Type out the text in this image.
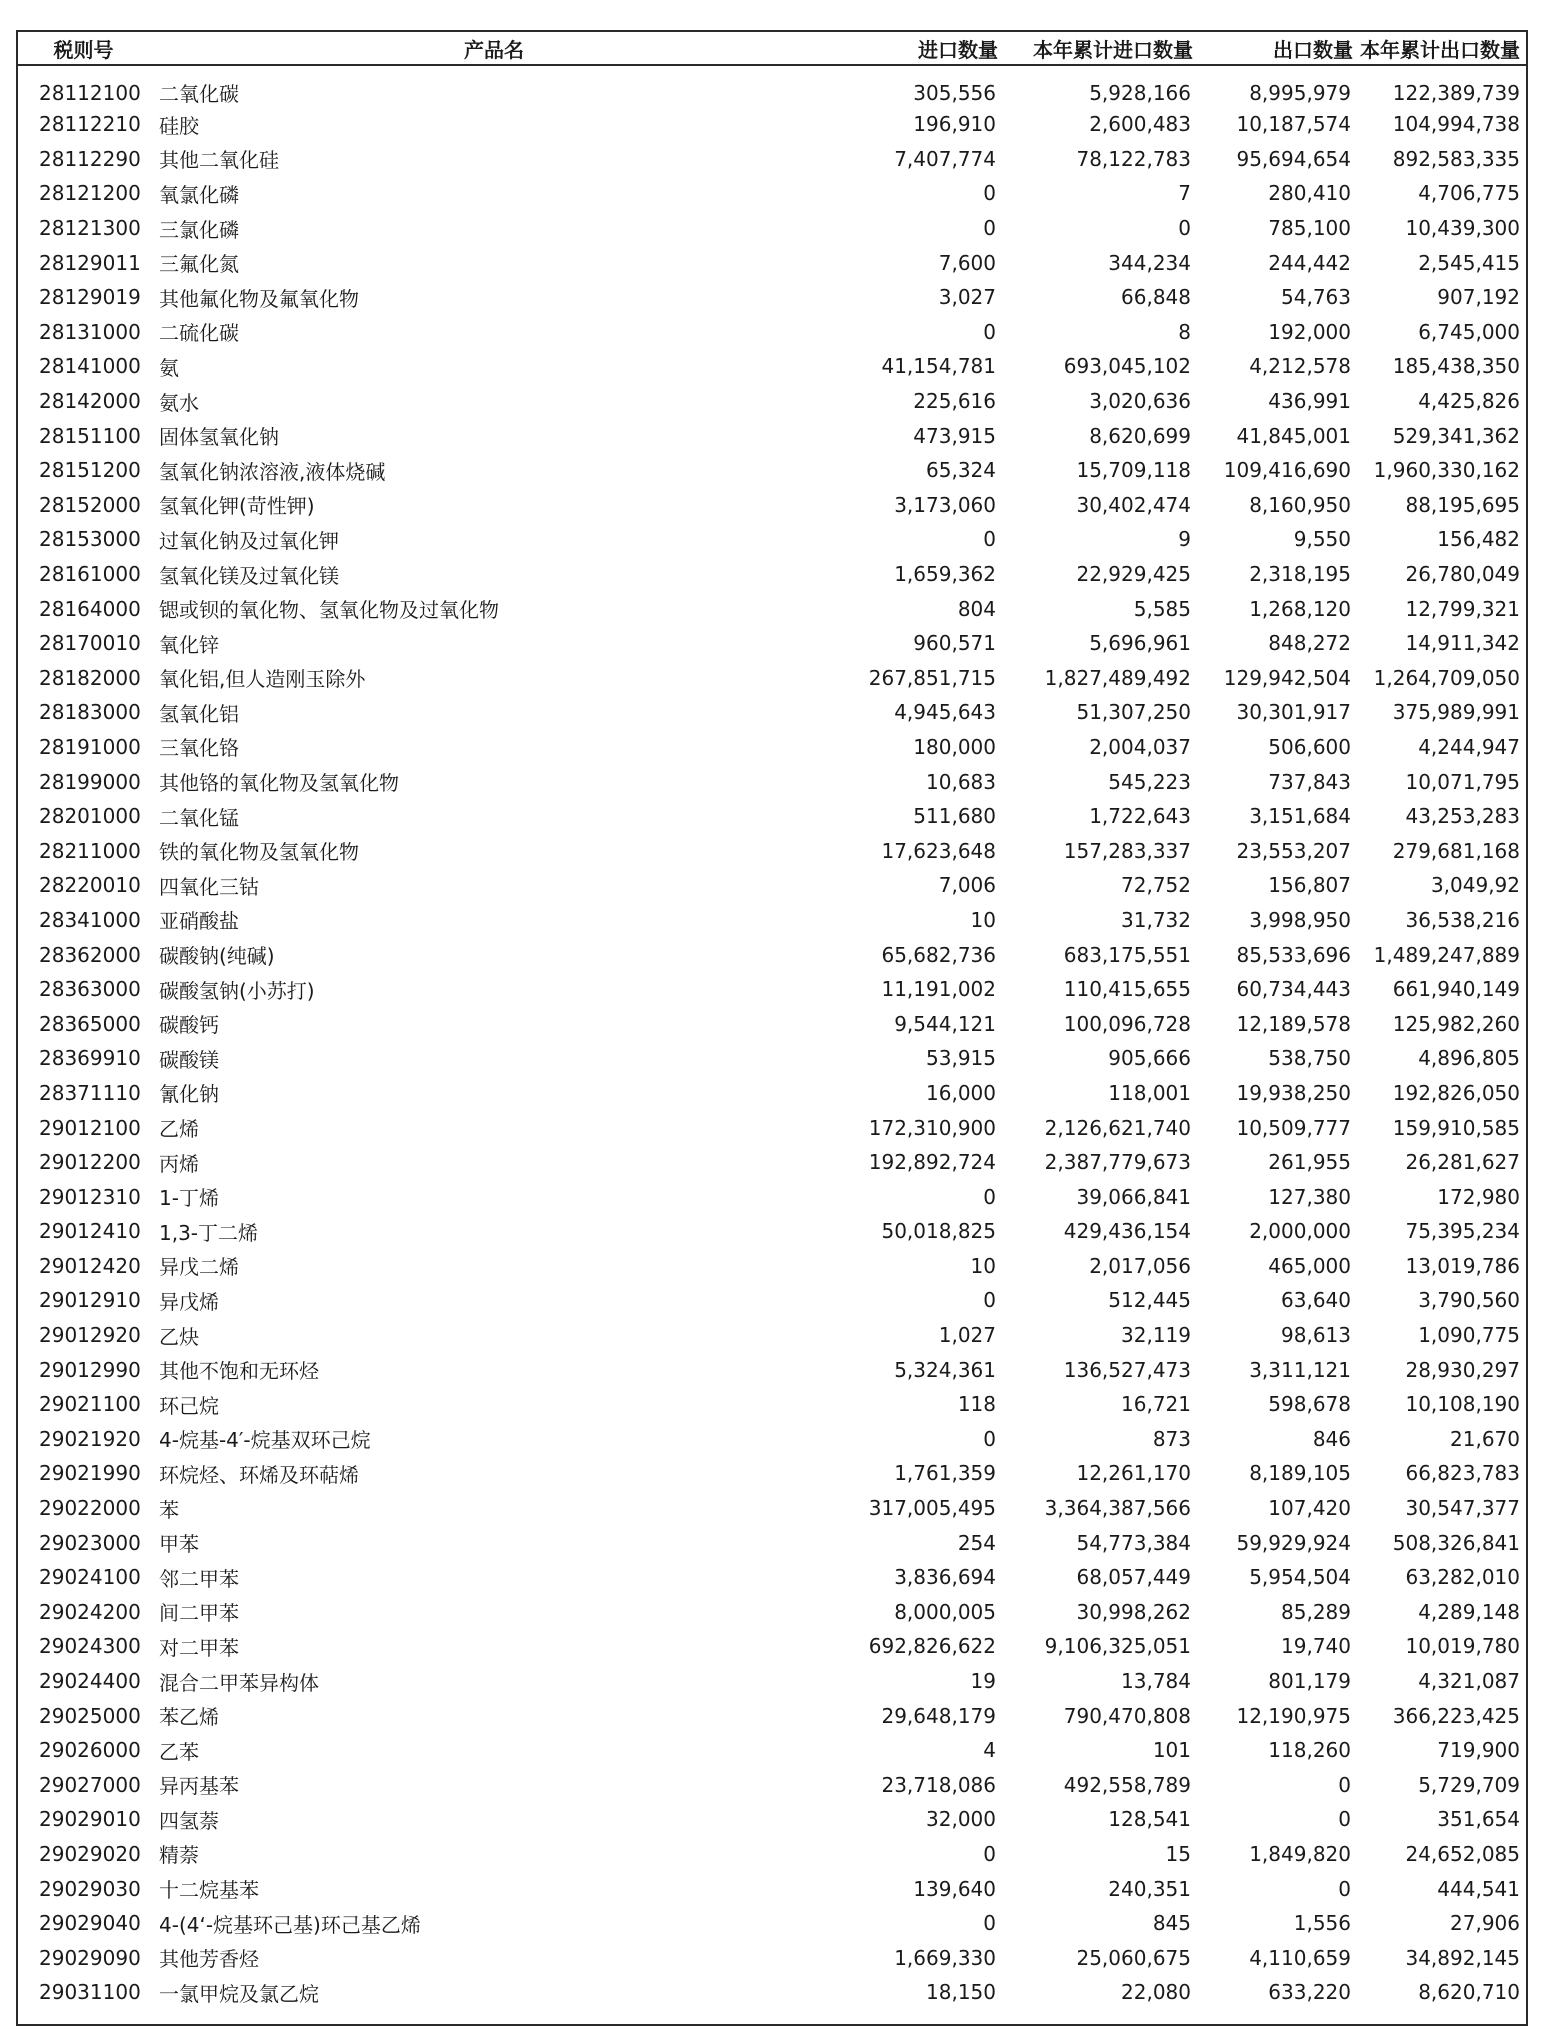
税则号	产品名	进口数量	本年累计进口数量	出口数量	本年累计出口数量
28112100	二氧化碳	305,556	5,928,166	8,995,979	122,389,739
28112210	硅胶	196,910	2,600,483	10,187,574	104,994,738
28112290	其他二氧化硅	7,407,774	78,122,783	95,694,654	892,583,335
28121200	氧氯化磷	0	7	280,410	4,706,775
28121300	三氯化磷	0	0	785,100	10,439,300
28129011	三氟化氮	7,600	344,234	244,442	2,545,415
28129019	其他氟化物及氟氧化物	3,027	66,848	54,763	907,192
28131000	二硫化碳	0	8	192,000	6,745,000
28141000	氨	41,154,781	693,045,102	4,212,578	185,438,350
28142000	氨水	225,616	3,020,636	436,991	4,425,826
28151100	固体氢氧化钠	473,915	8,620,699	41,845,001	529,341,362
28151200	氢氧化钠浓溶液,液体烧碱	65,324	15,709,118	109,416,690	1,960,330,162
28152000	氢氧化钾(苛性钾)	3,173,060	30,402,474	8,160,950	88,195,695
28153000	过氧化钠及过氧化钾	0	9	9,550	156,482
28161000	氢氧化镁及过氧化镁	1,659,362	22,929,425	2,318,195	26,780,049
28164000	锶或钡的氧化物、氢氧化物及过氧化物	804	5,585	1,268,120	12,799,321
28170010	氧化锌	960,571	5,696,961	848,272	14,911,342
28182000	氧化铝,但人造刚玉除外	267,851,715	1,827,489,492	129,942,504	1,264,709,050
28183000	氢氧化铝	4,945,643	51,307,250	30,301,917	375,989,991
28191000	三氧化铬	180,000	2,004,037	506,600	4,244,947
28199000	其他铬的氧化物及氢氧化物	10,683	545,223	737,843	10,071,795
28201000	二氧化锰	511,680	1,722,643	3,151,684	43,253,283
28211000	铁的氧化物及氢氧化物	17,623,648	157,283,337	23,553,207	279,681,168
28220010	四氧化三钴	7,006	72,752	156,807	3,049,92
28341000	亚硝酸盐	10	31,732	3,998,950	36,538,216
28362000	碳酸钠(纯碱)	65,682,736	683,175,551	85,533,696	1,489,247,889
28363000	碳酸氢钠(小苏打)	11,191,002	110,415,655	60,734,443	661,940,149
28365000	碳酸钙	9,544,121	100,096,728	12,189,578	125,982,260
28369910	碳酸镁	53,915	905,666	538,750	4,896,805
28371110	氰化钠	16,000	118,001	19,938,250	192,826,050
29012100	乙烯	172,310,900	2,126,621,740	10,509,777	159,910,585
29012200	丙烯	192,892,724	2,387,779,673	261,955	26,281,627
29012310	1-丁烯	0	39,066,841	127,380	172,980
29012410	1,3-丁二烯	50,018,825	429,436,154	2,000,000	75,395,234
29012420	异戊二烯	10	2,017,056	465,000	13,019,786
29012910	异戊烯	0	512,445	63,640	3,790,560
29012920	乙炔	1,027	32,119	98,613	1,090,775
29012990	其他不饱和无环烃	5,324,361	136,527,473	3,311,121	28,930,297
29021100	环己烷	118	16,721	598,678	10,108,190
29021920	4-烷基-4′-烷基双环己烷	0	873	846	21,670
29021990	环烷烃、环烯及环萜烯	1,761,359	12,261,170	8,189,105	66,823,783
29022000	苯	317,005,495	3,364,387,566	107,420	30,547,377
29023000	甲苯	254	54,773,384	59,929,924	508,326,841
29024100	邻二甲苯	3,836,694	68,057,449	5,954,504	63,282,010
29024200	间二甲苯	8,000,005	30,998,262	85,289	4,289,148
29024300	对二甲苯	692,826,622	9,106,325,051	19,740	10,019,780
29024400	混合二甲苯异构体	19	13,784	801,179	4,321,087
29025000	苯乙烯	29,648,179	790,470,808	12,190,975	366,223,425
29026000	乙苯	4	101	118,260	719,900
29027000	异丙基苯	23,718,086	492,558,789	0	5,729,709
29029010	四氢萘	32,000	128,541	0	351,654
29029020	精萘	0	15	1,849,820	24,652,085
29029030	十二烷基苯	139,640	240,351	0	444,541
29029040	4-(4‘-烷基环己基)环己基乙烯	0	845	1,556	27,906
29029090	其他芳香烃	1,669,330	25,060,675	4,110,659	34,892,145
29031100	一氯甲烷及氯乙烷	18,150	22,080	633,220	8,620,710
